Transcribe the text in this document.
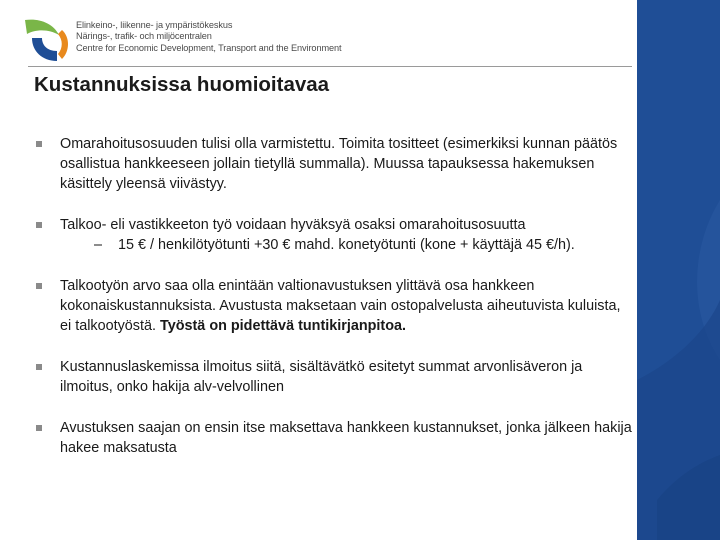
Elinkeino-, liikenne- ja ympäristökeskus
Närings-, trafik- och miljöcentralen
Centre for Economic Development, Transport and the Environment
Kustannuksissa huomioitavaa
Omarahoitusosuuden tulisi olla varmistettu. Toimita tositteet (esimerkiksi kunnan päätös osallistua hankkeeseen jollain tietyllä summalla). Muussa tapauksessa hakemuksen käsittely yleensä viivästyy.
Talkoo- eli vastikkeeton työ voidaan hyväksyä osaksi omarahoitusosuutta
– 15 € / henkilötyötunti +30 € mahd. konetyötunti (kone + käyttäjä 45 €/h).
Talkootyön arvo saa olla enintään valtionavustuksen ylittävä osa hankkeen kokonaiskustannuksista. Avustusta maksetaan vain ostopalvelusta aiheutuvista kuluista, ei talkootyöstä. Työstä on pidettävä tuntikirjanpitoa.
Kustannuslaskemissa ilmoitus siitä, sisältävätkö esitetyt summat arvonlisäveron ja ilmoitus, onko hakija alv-velvollinen
Avustuksen saajan on ensin itse maksettava hankkeen kustannukset, jonka jälkeen hakija hakee maksatusta
